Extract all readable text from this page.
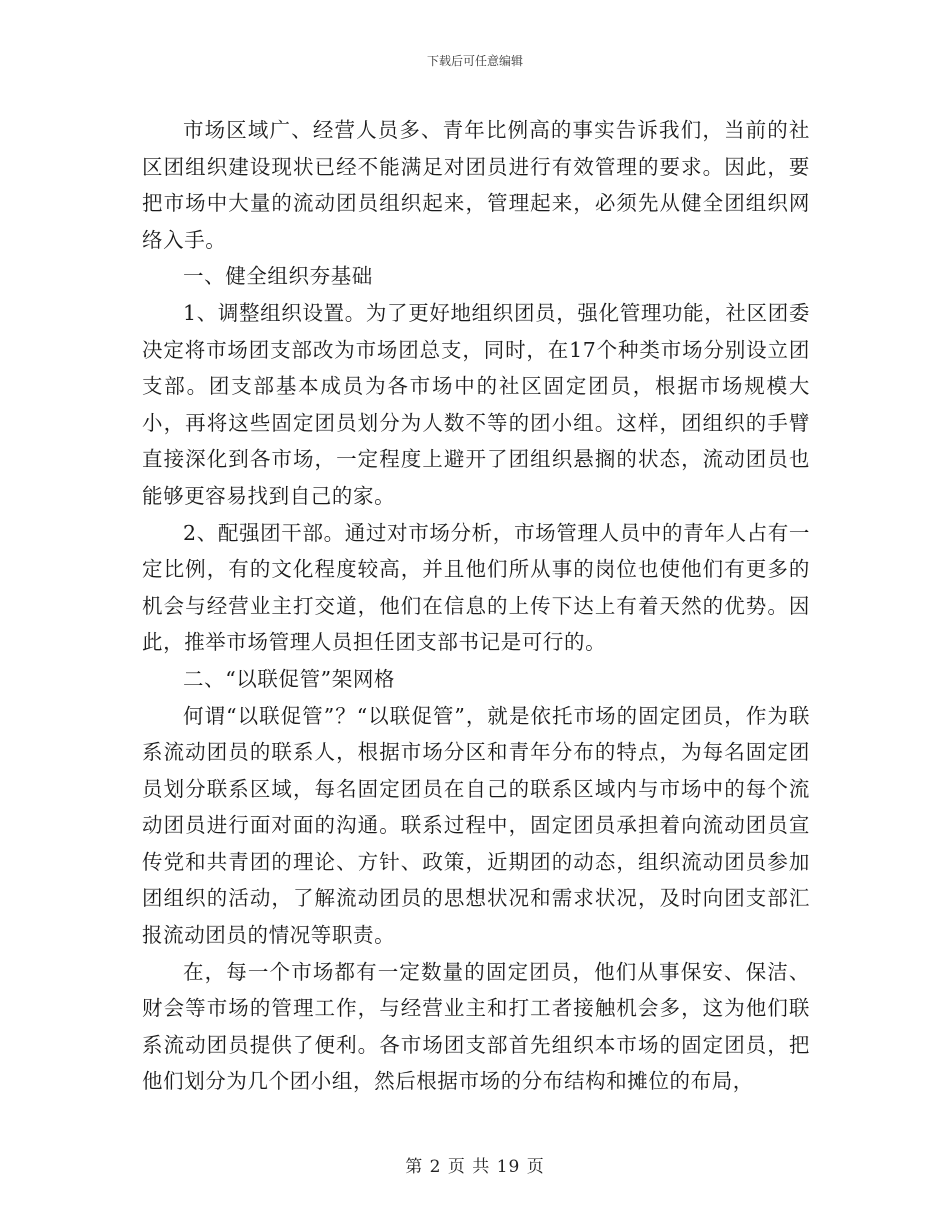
下载后可任意编辑

市场区域广、经营人员多、青年比例高的事实告诉我们，当前的社区团组织建设现状已经不能满足对团员进行有效管理的要求。因此，要把市场中大量的流动团员组织起来，管理起来，必须先从健全团组织网络入手。

一、健全组织夯基础

1、调整组织设置。为了更好地组织团员，强化管理功能，社区团委决定将市场团支部改为市场团总支，同时，在17个种类市场分别设立团支部。团支部基本成员为各市场中的社区固定团员，根据市场规模大小，再将这些固定团员划分为人数不等的团小组。这样，团组织的手臂直接深化到各市场，一定程度上避开了团组织悬搁的状态，流动团员也能够更容易找到自己的家。

2、配强团干部。通过对市场分析，市场管理人员中的青年人占有一定比例，有的文化程度较高，并且他们所从事的岗位也使他们有更多的机会与经营业主打交道，他们在信息的上传下达上有着天然的优势。因此，推举市场管理人员担任团支部书记是可行的。

二、“以联促管”架网格

何谓“以联促管”？“以联促管”，就是依托市场的固定团员，作为联系流动团员的联系人，根据市场分区和青年分布的特点，为每名固定团员划分联系区域，每名固定团员在自己的联系区域内与市场中的每个流动团员进行面对面的沟通。联系过程中，固定团员承担着向流动团员宣传党和共青团的理论、方针、政策，近期团的动态，组织流动团员参加团组织的活动，了解流动团员的思想状况和需求状况，及时向团支部汇报流动团员的情况等职责。

在，每一个市场都有一定数量的固定团员，他们从事保安、保洁、财会等市场的管理工作，与经营业主和打工者接触机会多，这为他们联系流动团员提供了便利。各市场团支部首先组织本市场的固定团员，把他们划分为几个团小组，然后根据市场的分布结构和摊位的布局，

第 2 页 共 19 页
